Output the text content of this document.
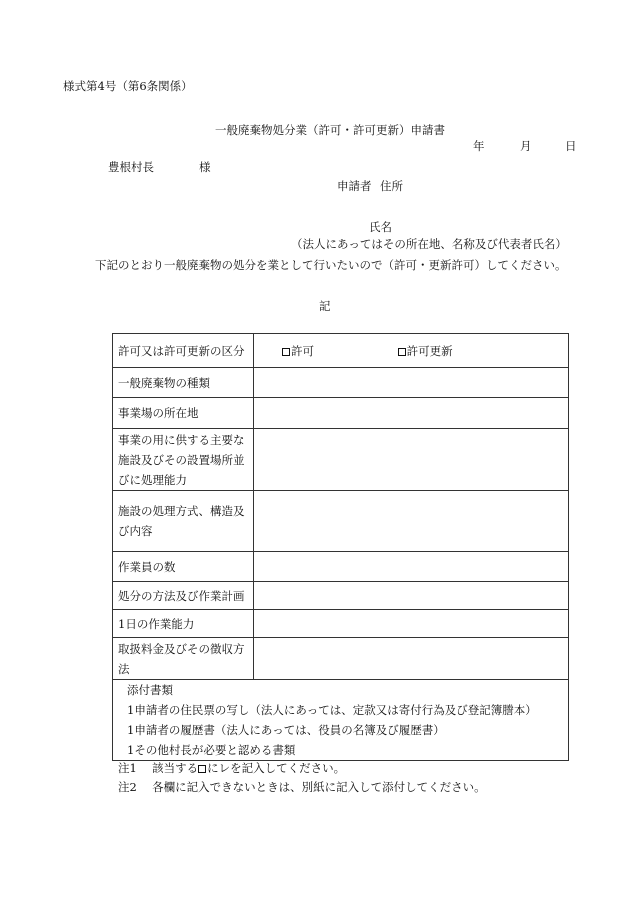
様式第4号（第6条関係）
一般廃棄物処分業（許可・許可更新）申請書
年	月	日
豊根村長	様
申請者 住所
氏名
（法人にあってはその所在地、名称及び代表者氏名）
下記のとおり一般廃棄物の処分を業として行いたいので（許可・更新許可）してください。
記
許可又は許可更新の区分	許可 許可更新
一般廃棄物の種類	
事業場の所在地	
事業の用に供する主要な施設及びその設置場所並びに処理能力	
施設の処理方式、構造及び内容	
作業員の数	
処分の方法及び作業計画	
1日の作業能力	
取扱料金及びその徴収方法	

添付書類
1申請者の住民票の写し（法人にあっては、定款又は寄付行為及び登記簿謄本）
1申請者の履歴書（法人にあっては、役員の名簿及び履歴書）
1その他村長が必要と認める書類	
注1 該当する にレを記入してください。
注2 各欄に記入できないときは、別紙に記入して添付してください。
